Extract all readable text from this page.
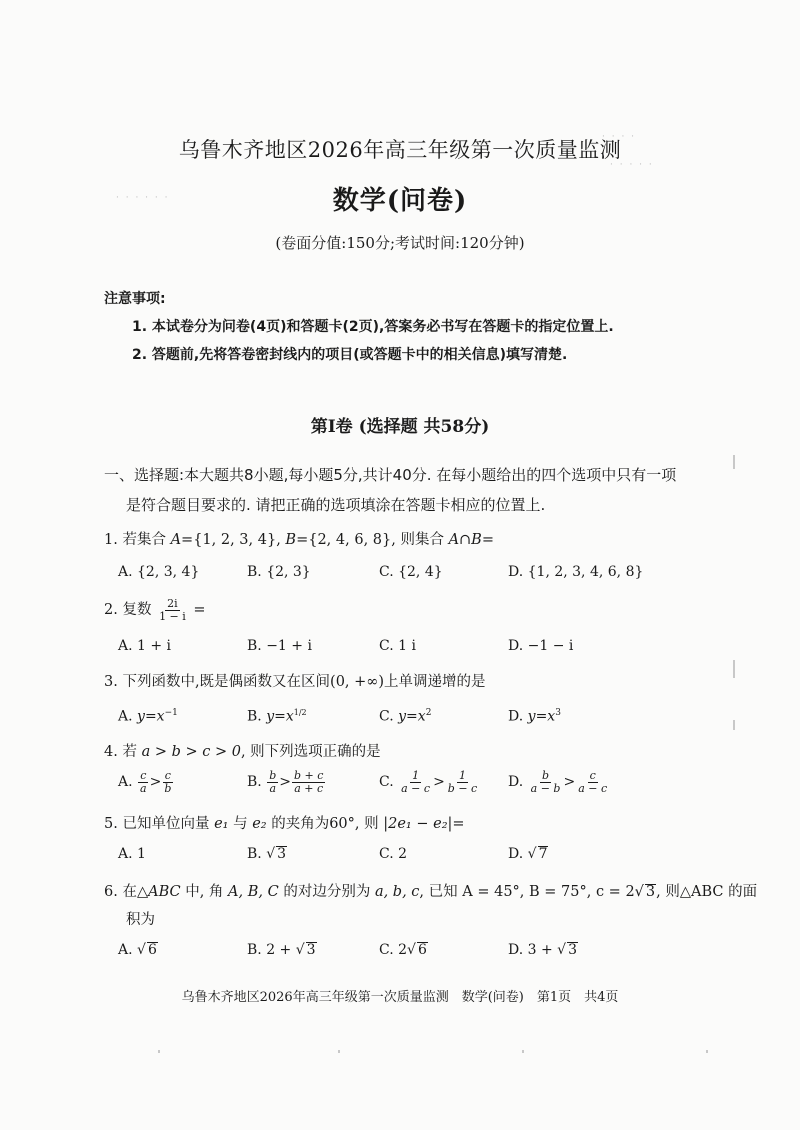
· · · · · ·
· · · ·
· · · · ·
乌鲁木齐地区2026年高三年级第一次质量监测
数学(问卷)
(卷面分值:150分;考试时间:120分钟)
注意事项:
1. 本试卷分为问卷(4页)和答题卡(2页),答案务必书写在答题卡的指定位置上.
2. 答题前,先将答卷密封线内的项目(或答题卡中的相关信息)填写清楚.
第Ⅰ卷 (选择题 共58分)
一、选择题:本大题共8小题,每小题5分,共计40分. 在每小题给出的四个选项中只有一项
是符合题目要求的. 请把正确的选项填涂在答题卡相应的位置上.
1. 若集合 A={1, 2, 3, 4}, B={2, 4, 6, 8}, 则集合 A∩B=
A. {2, 3, 4}	B. {2, 3}	C. {2, 4}	D. {1, 2, 3, 4, 6, 8}
2. 复数 $\frac{2i}{1 - i}$ =
A. 1 + i	B. −1 + i	C. 1 i	D. −1 − i
3. 下列函数中,既是偶函数又在区间(0, +∞)上单调递增的是
A. $y=x^{-1}$	B. $y=x^{1/2}$	C. $y=x^2$	D. $y=x^3$
4. 若 a > b > c > 0, 则下列选项正确的是
A. $\frac{c}{a} > \frac{c}{b}$	B. $\frac{b}{a} > \frac{b + c}{a + c}$	C. $\frac{1}{a - c} > \frac{1}{b - c} D$. $\frac{b}{a - b} > \frac{c}{a - c}$
5. 已知单位向量 e₁ 与 e₂ 的夹角为60°, 则 |2e₁ − e₂|=
A. 1	B. √ 3	C. 2	D. √ 7
6. 在△ABC 中, 角 A, B, C 的对边分别为 a, b, c, 已知 A = 45°, B = 75°, c = 2√ 3, 则△ABC 的面
积为
A. √ 6	B. 2 + √ 3	C. 2√ 6	D. 3 + √ 3
乌鲁木齐地区2026年高三年级第一次质量监测　数学(问卷)　第1页　共4页
